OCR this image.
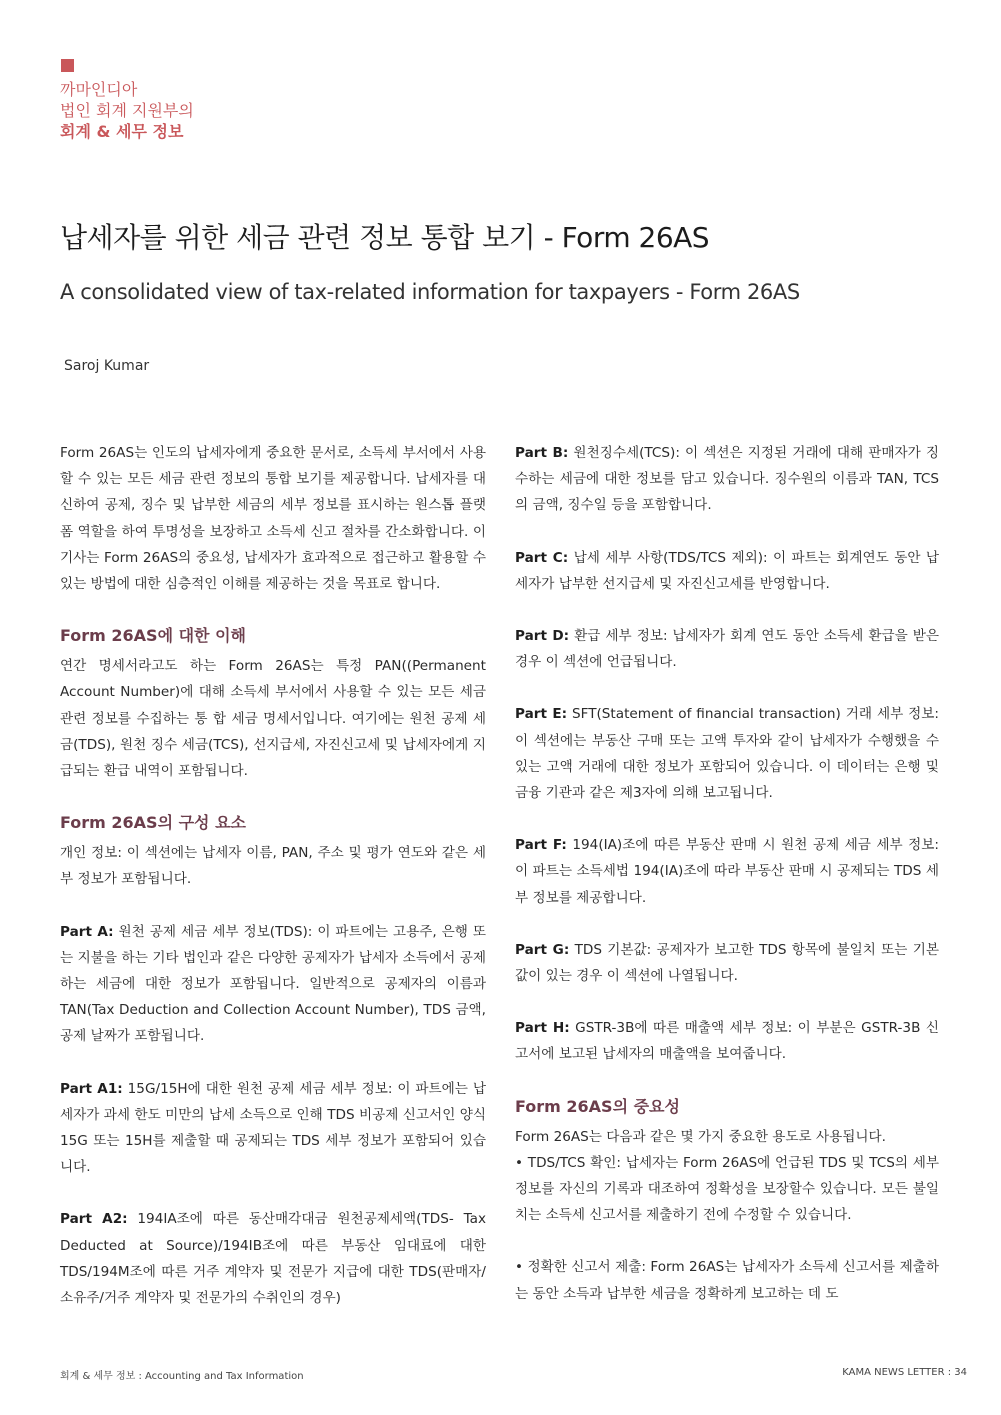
까마인디아
법인 회계 지원부의
회계 & 세무 정보
납세자를 위한 세금 관련 정보 통합 보기 - Form 26AS
A consolidated view of tax-related information for taxpayers - Form 26AS
Saroj Kumar

Form 26AS는 인도의 납세자에게 중요한 문서로, 소득세 부서에서 사용할 수 있는 모든 세금 관련 정보의 통합 보기를 제공합니다. 납세자를 대신하여 공제, 징수 및 납부한 세금의 세부 정보를 표시하는 원스톱 플랫폼 역할을 하여 투명성을 보장하고 소득세 신고 절차를 간소화합니다. 이 기사는 Form 26AS의 중요성, 납세자가 효과적으로 접근하고 활용할 수 있는 방법에 대한 심층적인 이해를 제공하는 것을 목표로 합니다.

Form 26AS에 대한 이해

연간 명세서라고도 하는 Form 26AS는 특정 PAN((Permanent Account Number)에 대해 소득세 부서에서 사용할 수 있는 모든 세금 관련 정보를 수집하는 통 합 세금 명세서입니다. 여기에는 원천 공제 세금(TDS), 원천 징수 세금(TCS), 선지급세, 자진신고세 및 납세자에게 지급되는 환급 내역이 포함됩니다.

Form 26AS의 구성 요소

개인 정보: 이 섹션에는 납세자 이름, PAN, 주소 및 평가 연도와 같은 세부 정보가 포함됩니다.

Part A: 원천 공제 세금 세부 정보(TDS): 이 파트에는 고용주, 은행 또는 지불을 하는 기타 법인과 같은 다양한 공제자가 납세자 소득에서 공제하는 세금에 대한 정보가 포함됩니다. 일반적으로 공제자의 이름과 TAN(Tax Deduction and Collection Account Number), TDS 금액, 공제 날짜가 포함됩니다.

Part A1: 15G/15H에 대한 원천 공제 세금 세부 정보: 이 파트에는 납세자가 과세 한도 미만의 납세 소득으로 인해 TDS 비공제 신고서인 양식 15G 또는 15H를 제출할 때 공제되는 TDS 세부 정보가 포함되어 있습니다.

Part A2: 194IA조에 따른 동산매각대금 원천공제세액(TDS- Tax Deducted at Source)/194IB조에 따른 부동산 임대료에 대한 TDS/194M조에 따른 거주 계약자 및 전문가 지급에 대한 TDS(판매자/소유주/거주 계약자 및 전문가의 수취인의 경우)

Part B: 원천징수세(TCS): 이 섹션은 지정된 거래에 대해 판매자가 징수하는 세금에 대한 정보를 담고 있습니다. 징수원의 이름과 TAN, TCS의 금액, 징수일 등을 포함합니다.

Part C: 납세 세부 사항(TDS/TCS 제외): 이 파트는 회계연도 동안 납세자가 납부한 선지급세 및 자진신고세를 반영합니다.

Part D: 환급 세부 정보: 납세자가 회계 연도 동안 소득세 환급을 받은 경우 이 섹션에 언급됩니다.

Part E: SFT(Statement of financial transaction) 거래 세부 정보: 이 섹션에는 부동산 구매 또는 고액 투자와 같이 납세자가 수행했을 수 있는 고액 거래에 대한 정보가 포함되어 있습니다. 이 데이터는 은행 및 금융 기관과 같은 제3자에 의해 보고됩니다.

Part F: 194(IA)조에 따른 부동산 판매 시 원천 공제 세금 세부 정보: 이 파트는 소득세법 194(IA)조에 따라 부동산 판매 시 공제되는 TDS 세부 정보를 제공합니다.

Part G: TDS 기본값: 공제자가 보고한 TDS 항목에 불일치 또는 기본값이 있는 경우 이 섹션에 나열됩니다.

Part H: GSTR-3B에 따른 매출액 세부 정보: 이 부분은 GSTR-3B 신고서에 보고된 납세자의 매출액을 보여줍니다.

Form 26AS의 중요성

Form 26AS는 다음과 같은 몇 가지 중요한 용도로 사용됩니다.

• TDS/TCS 확인: 납세자는 Form 26AS에 언급된 TDS 및 TCS의 세부 정보를 자신의 기록과 대조하여 정확성을 보장할수 있습니다. 모든 불일치는 소득세 신고서를 제출하기 전에 수정할 수 있습니다.

• 정확한 신고서 제출: Form 26AS는 납세자가 소득세 신고서를 제출하는 동안 소득과 납부한 세금을 정확하게 보고하는 데 도

회계 & 세무 정보 : Accounting and Tax Information	KAMA NEWS LETTER : 34
